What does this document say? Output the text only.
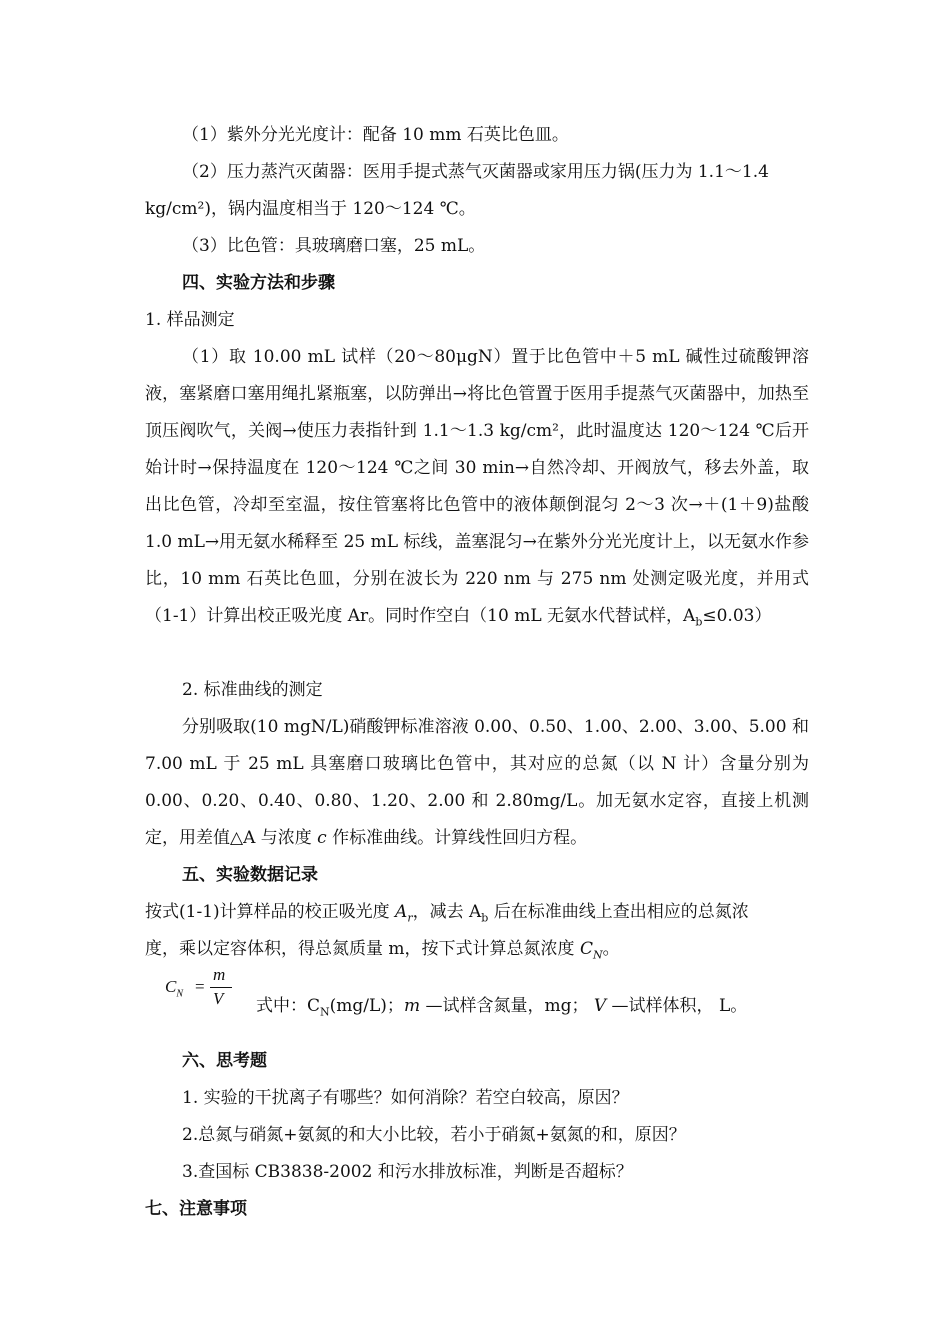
（1）紫外分光光度计：配备 10 mm 石英比色皿。

（2）压力蒸汽灭菌器：医用手提式蒸气灭菌器或家用压力锅(压力为 1.1～1.4

kg/cm²)，锅内温度相当于 120～124 ℃。

（3）比色管：具玻璃磨口塞，25 mL。

四、实验方法和步骤

1. 样品测定

（1）取 10.00 mL 试样（20～80μgN）置于比色管中＋5 mL 碱性过硫酸钾溶液，塞紧磨口塞用绳扎紧瓶塞，以防弹出→将比色管置于医用手提蒸气灭菌器中，加热至顶压阀吹气，关阀→使压力表指针到 1.1～1.3 kg/cm²，此时温度达 120～124 ℃后开始计时→保持温度在 120～124 ℃之间 30 min→自然冷却、开阀放气，移去外盖，取出比色管，冷却至室温，按住管塞将比色管中的液体颠倒混匀 2～3 次→＋(1＋9)盐酸 1.0 mL→用无氨水稀释至 25 mL 标线，盖塞混匀→在紫外分光光度计上，以无氨水作参比，10 mm 石英比色皿，分别在波长为 220 nm 与 275 nm 处测定吸光度，并用式（1-1）计算出校正吸光度 Ar。同时作空白（10 mL 无氨水代替试样，$A_b\le 0.03$）

2. 标准曲线的测定

分别吸取(10 mgN/L)硝酸钾标准溶液 0.00、0.50、1.00、2.00、3.00、5.00 和 7.00 mL 于 25 mL 具塞磨口玻璃比色管中，其对应的总氮（以 N 计）含量分别为 0.00、0.20、0.40、0.80、1.20、2.00 和 2.80mg/L。加无氨水定容，直接上机测定，用差值△A 与浓度 c 作标准曲线。计算线性回归方程。

五、实验数据记录

按式(1-1)计算样品的校正吸光度 $A_r$，减去 $A_b$ 后在标准曲线上查出相应的总氮浓

度，乘以定容体积，得总氮质量 m，按下式计算总氮浓度 $C_N$。

$C_N$ =
m
V 式中：$C_N(mg/L)$；m —试样含氮量，mg； V —试样体积， L。

六、思考题

1. 实验的干扰离子有哪些？如何消除？若空白较高，原因？

2.总氮与硝氮+氨氮的和大小比较，若小于硝氮+氨氮的和，原因？

3.查国标 CB3838-2002 和污水排放标准，判断是否超标？

七、注意事项
